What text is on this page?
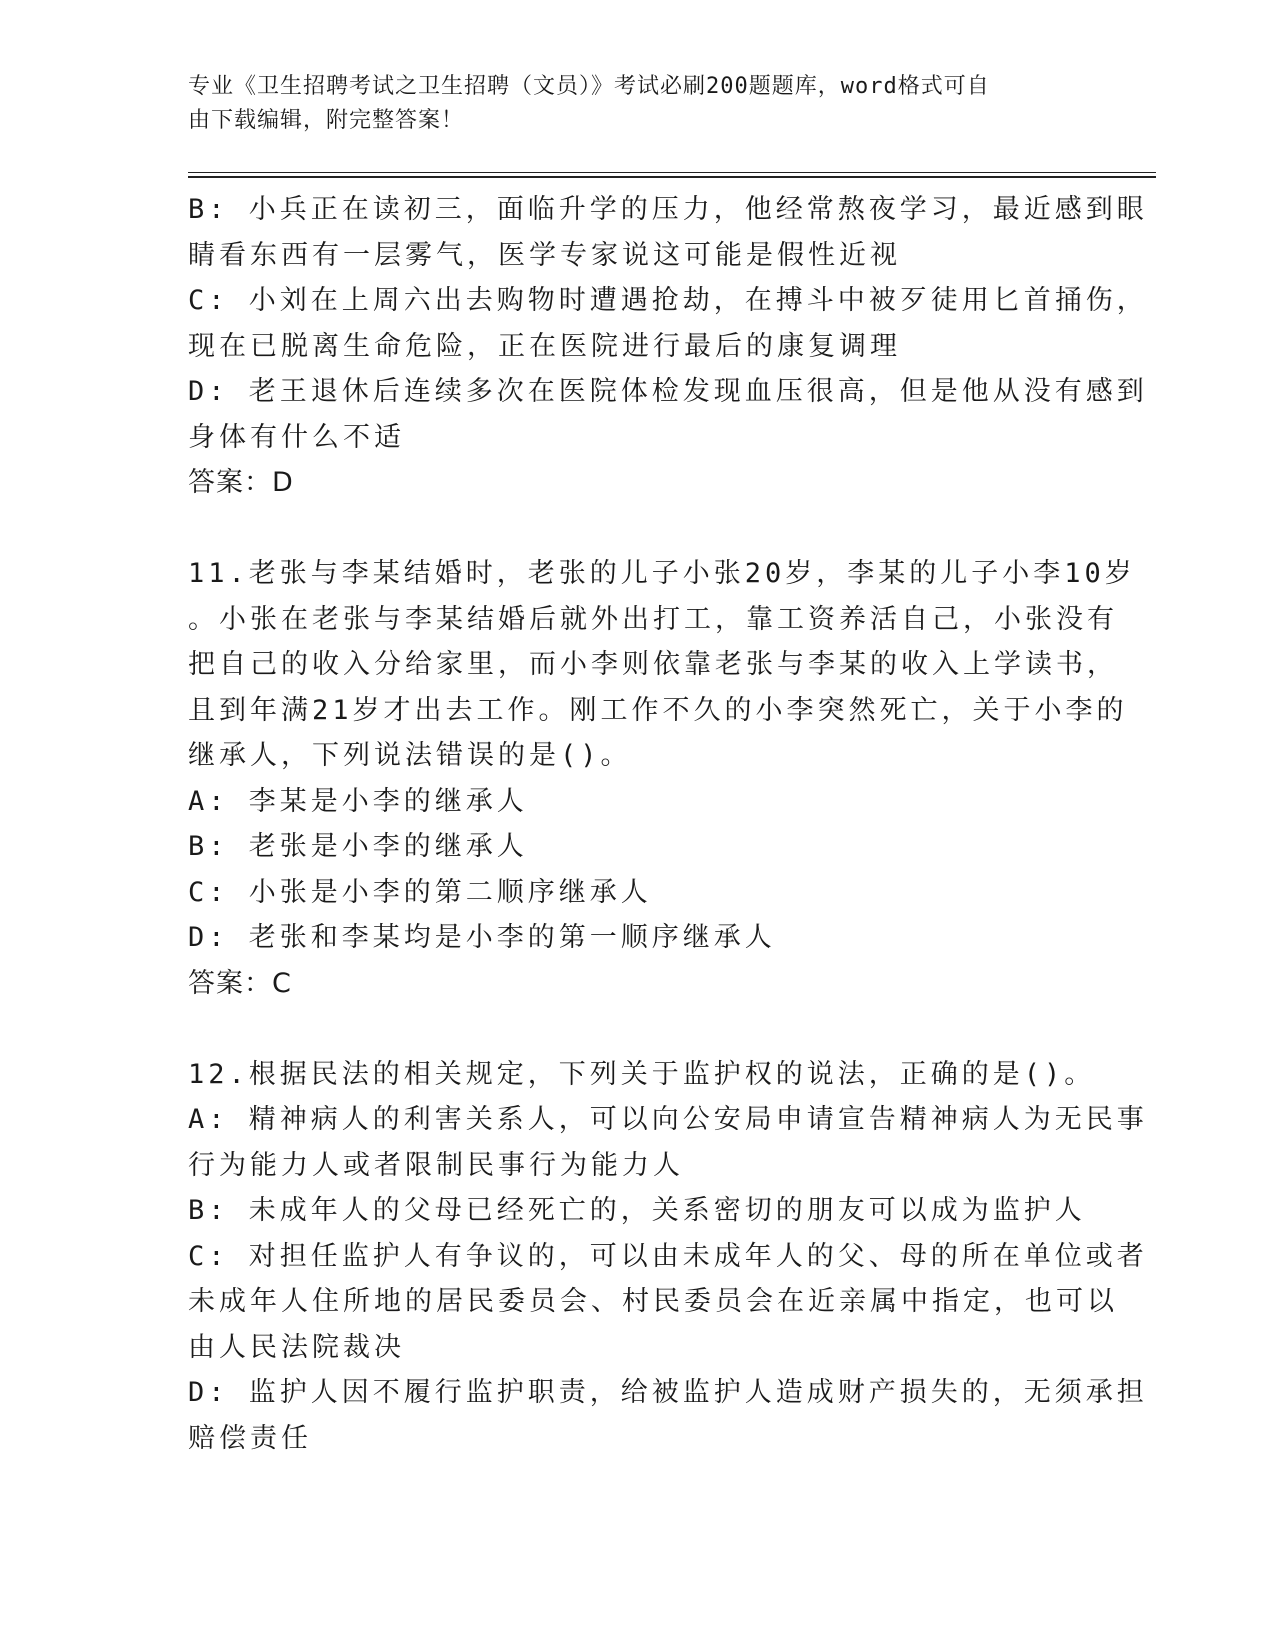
专业《卫生招聘考试之卫生招聘（文员）》考试必刷200题题库，word格式可自
由下载编辑，附完整答案！
B: 小兵正在读初三，面临升学的压力，他经常熬夜学习，最近感到眼
睛看东西有一层雾气，医学专家说这可能是假性近视
C: 小刘在上周六出去购物时遭遇抢劫，在搏斗中被歹徒用匕首捅伤，
现在已脱离生命危险，正在医院进行最后的康复调理
D: 老王退休后连续多次在医院体检发现血压很高，但是他从没有感到
身体有什么不适
答案：D
11.老张与李某结婚时，老张的儿子小张20岁，李某的儿子小李10岁
。小张在老张与李某结婚后就外出打工，靠工资养活自己，小张没有
把自己的收入分给家里，而小李则依靠老张与李某的收入上学读书，
且到年满21岁才出去工作。刚工作不久的小李突然死亡，关于小李的
继承人，下列说法错误的是()。
A: 李某是小李的继承人
B: 老张是小李的继承人
C: 小张是小李的第二顺序继承人
D: 老张和李某均是小李的第一顺序继承人
答案：C
12.根据民法的相关规定，下列关于监护权的说法，正确的是()。
A: 精神病人的利害关系人，可以向公安局申请宣告精神病人为无民事
行为能力人或者限制民事行为能力人
B: 未成年人的父母已经死亡的，关系密切的朋友可以成为监护人
C: 对担任监护人有争议的，可以由未成年人的父、母的所在单位或者
未成年人住所地的居民委员会、村民委员会在近亲属中指定，也可以
由人民法院裁决
D: 监护人因不履行监护职责，给被监护人造成财产损失的，无须承担
赔偿责任
